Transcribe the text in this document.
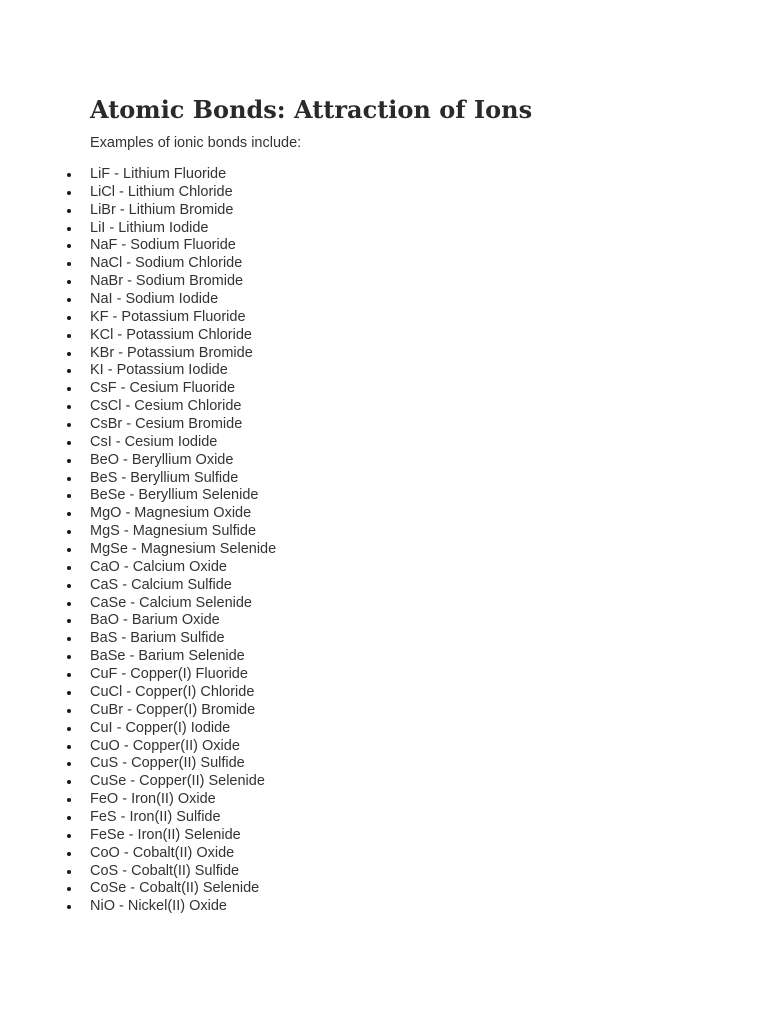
Atomic Bonds: Attraction of Ions

Examples of ionic bonds include:

LiF - Lithium Fluoride
LiCl - Lithium Chloride
LiBr - Lithium Bromide
LiI - Lithium Iodide
NaF - Sodium Fluoride
NaCl - Sodium Chloride
NaBr - Sodium Bromide
NaI - Sodium Iodide
KF - Potassium Fluoride
KCl - Potassium Chloride
KBr - Potassium Bromide
KI - Potassium Iodide
CsF - Cesium Fluoride
CsCl - Cesium Chloride
CsBr - Cesium Bromide
CsI - Cesium Iodide
BeO - Beryllium Oxide
BeS - Beryllium Sulfide
BeSe - Beryllium Selenide
MgO - Magnesium Oxide
MgS - Magnesium Sulfide
MgSe - Magnesium Selenide
CaO - Calcium Oxide
CaS - Calcium Sulfide
CaSe - Calcium Selenide
BaO - Barium Oxide
BaS - Barium Sulfide
BaSe - Barium Selenide
CuF - Copper(I) Fluoride
CuCl - Copper(I) Chloride
CuBr - Copper(I) Bromide
CuI - Copper(I) Iodide
CuO - Copper(II) Oxide
CuS - Copper(II) Sulfide
CuSe - Copper(II) Selenide
FeO - Iron(II) Oxide
FeS - Iron(II) Sulfide
FeSe - Iron(II) Selenide
CoO - Cobalt(II) Oxide
CoS - Cobalt(II) Sulfide
CoSe - Cobalt(II) Selenide
NiO - Nickel(II) Oxide
